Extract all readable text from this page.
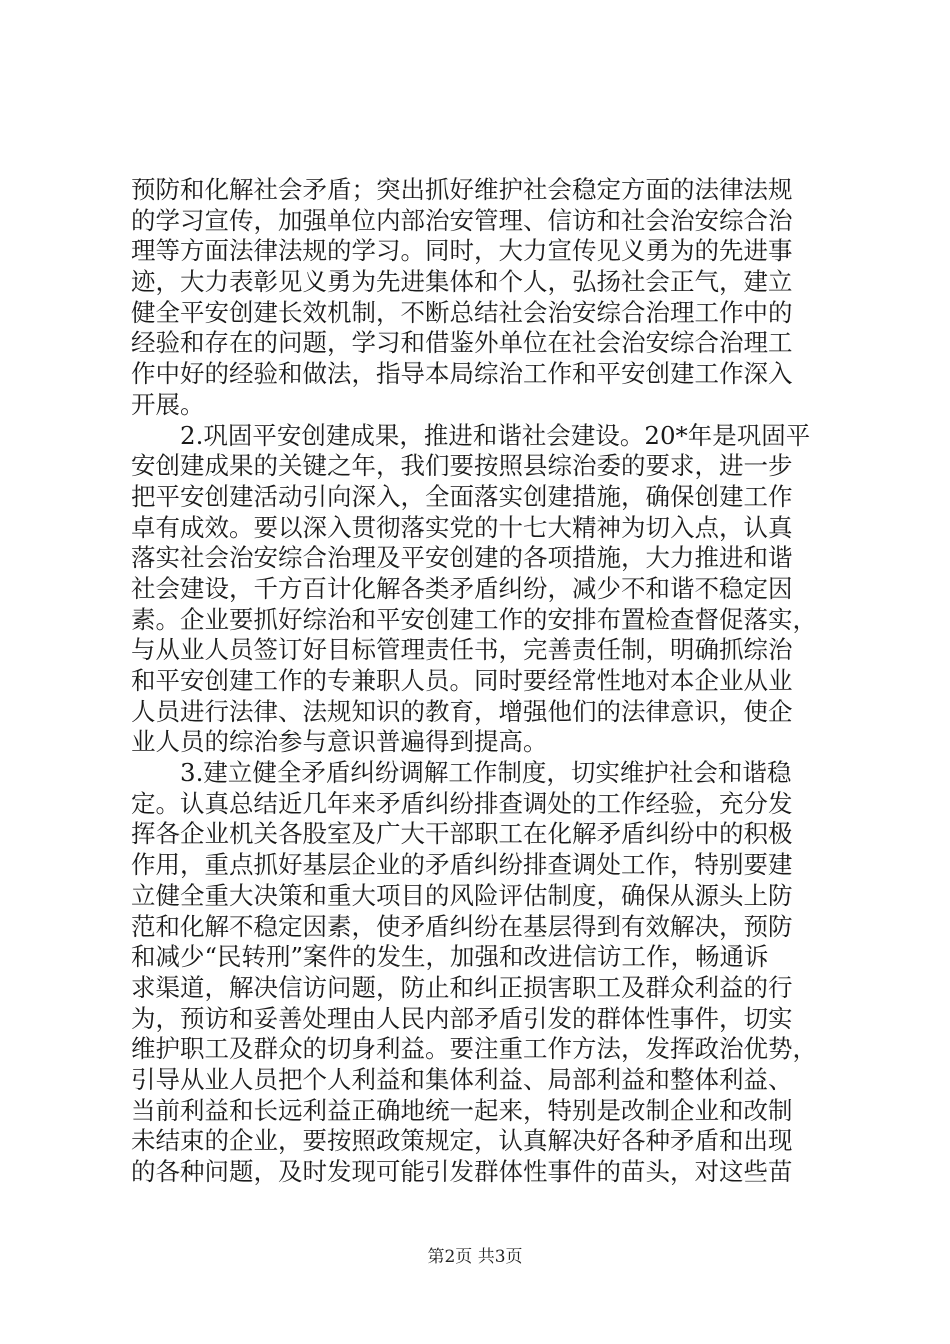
预防和化解社会矛盾；突出抓好维护社会稳定方面的法律法规
的学习宣传，加强单位内部治安管理、信访和社会治安综合治
理等方面法律法规的学习。同时，大力宣传见义勇为的先进事
迹，大力表彰见义勇为先进集体和个人，弘扬社会正气，建立
健全平安创建长效机制，不断总结社会治安综合治理工作中的
经验和存在的问题，学习和借鉴外单位在社会治安综合治理工
作中好的经验和做法，指导本局综治工作和平安创建工作深入
开展。
2.巩固平安创建成果，推进和谐社会建设。20*年是巩固平
安创建成果的关键之年，我们要按照县综治委的要求，进一步
把平安创建活动引向深入，全面落实创建措施，确保创建工作
卓有成效。要以深入贯彻落实党的十七大精神为切入点，认真
落实社会治安综合治理及平安创建的各项措施，大力推进和谐
社会建设，千方百计化解各类矛盾纠纷，减少不和谐不稳定因
素。企业要抓好综治和平安创建工作的安排布置检查督促落实，
与从业人员签订好目标管理责任书，完善责任制，明确抓综治
和平安创建工作的专兼职人员。同时要经常性地对本企业从业
人员进行法律、法规知识的教育，增强他们的法律意识，使企
业人员的综治参与意识普遍得到提高。
3.建立健全矛盾纠纷调解工作制度，切实维护社会和谐稳
定。认真总结近几年来矛盾纠纷排查调处的工作经验，充分发
挥各企业机关各股室及广大干部职工在化解矛盾纠纷中的积极
作用，重点抓好基层企业的矛盾纠纷排查调处工作，特别要建
立健全重大决策和重大项目的风险评估制度，确保从源头上防
范和化解不稳定因素，使矛盾纠纷在基层得到有效解决，预防
和减少“民转刑”案件的发生，加强和改进信访工作，畅通诉
求渠道，解决信访问题，防止和纠正损害职工及群众利益的行
为，预访和妥善处理由人民内部矛盾引发的群体性事件，切实
维护职工及群众的切身利益。要注重工作方法，发挥政治优势，
引导从业人员把个人利益和集体利益、局部利益和整体利益、
当前利益和长远利益正确地统一起来，特别是改制企业和改制
未结束的企业，要按照政策规定，认真解决好各种矛盾和出现
的各种问题，及时发现可能引发群体性事件的苗头，对这些苗
第2页 共3页
